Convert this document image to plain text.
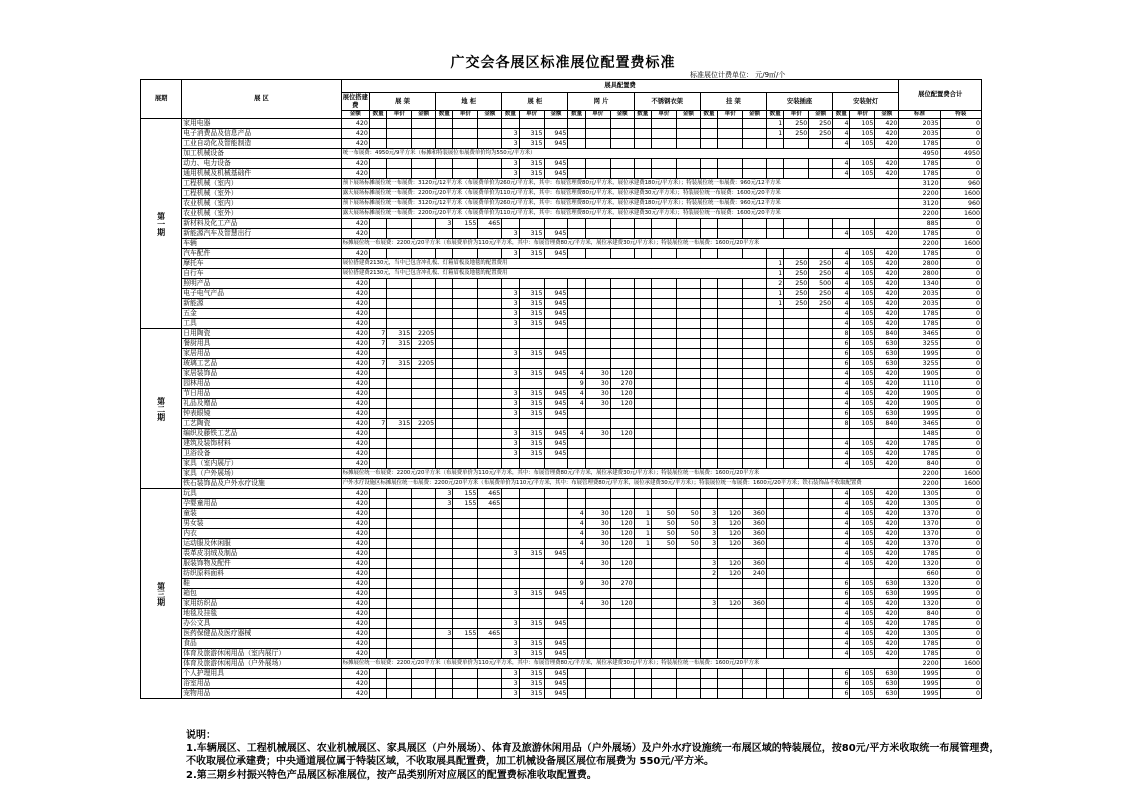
广交会各展区标准展位配置费标准
标准展位计费单位： 元/9㎡/个
展期	展 区	展具配置费																									展位配置费合计	
		展位搭建费	展 架			地 柜			展 柜			网 片			不锈钢衣架			挂 架			安装插座			安装射灯				
		金额	数量	单价	金额	数量	单价	金额	数量	单价	金额	数量	单价	金额	数量	单价	金额	数量	单价	金额	数量	单价	金额	数量	单价	金额	标准	特装
第一期	家用电器	420																			1	250	250	4	105	420	2035	0
	电子消费品及信息产品	420							3	315	945										1	250	250	4	105	420	2035	0
	工业自动化及智能制造	420							3	315	945													4	105	420	1785	0
	加工机械设备	统一布展费：4950元/9平方米（标摊和特装展位布展费单价均为550元/平方米）																									4950	4950
	动力、电力设备	420							3	315	945													4	105	420	1785	0
	通用机械及机械基础件	420							3	315	945													4	105	420	1785	0
	工程机械（室内）	预下展场标摊展位统一布展费：3120元/12平方米（布展费单价为260元/平方米，其中：布展管理费80元/平方米，展位承建费180元/平方米）；特装展位统一布展费：960元/12平方米																									3120	960
	工程机械（室外）	露天展场标摊展位统一布展费：2200元/20平方米（布展费单价为110元/平方米，其中：布展管理费80元/平方米，展位承建费30元/平方米）；特装展位统一布展费：1600元/20平方米																									2200	1600
	农业机械（室内）	预下展场标摊展位统一布展费：3120元/12平方米（布展费单价为260元/平方米，其中：布展管理费80元/平方米，展位承建费180元/平方米）；特装展位统一布展费：960元/12平方米																									3120	960
	农业机械（室外）	露天展场标摊展位统一布展费：2200元/20平方米（布展费单价为110元/平方米，其中：布展管理费80元/平方米，展位承建费30元/平方米）；特装展位统一布展费：1600元/20平方米																									2200	1600
	新材料及化工产品	420				3	155	465																			885	0
	新能源汽车及智慧出行	420							3	315	945													4	105	420	1785	0
	车辆	标摊展位统一布展费：2200元/20平方米（布展费单价为110元/平方米，其中：布展管理费80元/平方米，展位承建费30元/平方米）；特装展位统一布展费：1600元/20平方米																									2200	1600
	汽车配件	420							3	315	945													4	105	420	1785	0
	摩托车	展位搭建费2130元，当中已包含冲孔板、灯箱眉板及地毯的配置费用																			1	250	250	4	105	420	2800	0
	自行车	展位搭建费2130元，当中已包含冲孔板、灯箱眉板及地毯的配置费用																			1	250	250	4	105	420	2800	0
	照明产品	420																			2	250	500	4	105	420	1340	0
	电子电气产品	420							3	315	945										1	250	250	4	105	420	2035	0
	新能源	420							3	315	945										1	250	250	4	105	420	2035	0
	五金	420							3	315	945													4	105	420	1785	0
	工具	420							3	315	945													4	105	420	1785	0
第二期	日用陶瓷	420	7	315	2205																			8	105	840	3465	0
	餐厨用具	420	7	315	2205																			6	105	630	3255	0
	家居用品	420							3	315	945													6	105	630	1995	0
	玻璃工艺品	420	7	315	2205																			6	105	630	3255	0
	家居装饰品	420							3	315	945	4	30	120										4	105	420	1905	0
	园林用品	420										9	30	270										4	105	420	1110	0
	节日用品	420							3	315	945	4	30	120										4	105	420	1905	0
	礼品及赠品	420							3	315	945	4	30	120										4	105	420	1905	0
	钟表眼镜	420							3	315	945													6	105	630	1995	0
	工艺陶瓷	420	7	315	2205																			8	105	840	3465	0
	编织及藤铁工艺品	420							3	315	945	4	30	120													1485	0
	建筑及装饰材料	420							3	315	945													4	105	420	1785	0
	卫浴设备	420							3	315	945													4	105	420	1785	0
	家具（室内展厅）	420																						4	105	420	840	0
	家具（户外展场）	标摊展位统一布展费：2200元/20平方米（布展费单价为110元/平方米，其中：布展管理费80元/平方米，展位承建费30元/平方米）；特装展位统一布展费：1600元/20平方米																									2200	1600
	铁石装饰品及户外水疗设施	户外水疗设施区标摊展位统一布展费：2200元/20平方米（布展费单价为110元/平方米，其中：布展管理费80元/平方米，展位承建费30元/平方米）；特装展位统一布展费：1600元/20平方米；铁石装饰品不收取配置费																									2200	1600
第三期	玩具	420				3	155	465																4	105	420	1305	0
	孕婴童用品	420				3	155	465																4	105	420	1305	0
	童装	420										4	30	120	1	50	50	3	120	360				4	105	420	1370	0
	男女装	420										4	30	120	1	50	50	3	120	360				4	105	420	1370	0
	内衣	420										4	30	120	1	50	50	3	120	360				4	105	420	1370	0
	运动服及休闲服	420										4	30	120	1	50	50	3	120	360				4	105	420	1370	0
	裘革皮羽绒及制品	420							3	315	945													4	105	420	1785	0
	服装饰物及配件	420										4	30	120				3	120	360				4	105	420	1320	0
	纺织原料面料	420																2	120	240							660	0
	鞋	420										9	30	270										6	105	630	1320	0
	箱包	420							3	315	945													6	105	630	1995	0
	家用纺织品	420										4	30	120				3	120	360				4	105	420	1320	0
	地毯及挂毯	420																						4	105	420	840	0
	办公文具	420							3	315	945													4	105	420	1785	0
	医药保健品及医疗器械	420				3	155	465																4	105	420	1305	0
	食品	420							3	315	945													4	105	420	1785	0
	体育及旅游休闲用品（室内展厅）	420							3	315	945													4	105	420	1785	0
	体育及旅游休闲用品（户外展场）	标摊展位统一布展费：2200元/20平方米（布展费单价为110元/平方米，其中：布展管理费80元/平方米，展位承建费30元/平方米）；特装展位统一布展费：1600元/20平方米																									2200	1600
	个人护理用具	420							3	315	945													6	105	630	1995	0
	浴室用品	420							3	315	945													6	105	630	1995	0
	宠物用品	420							3	315	945													6	105	630	1995	0
说明：
1.车辆展区、工程机械展区、农业机械展区、家具展区（户外展场）、体育及旅游休闲用品（户外展场）及户外水疗设施统一布展区域的特装展位，按80元/平方米收取统一布展管理费，不收取展位承建费；中央通道展位属于特装区域，不收取展具配置费，加工机械设备展区展位布展费为 550元/平方米。
2.第三期乡村振兴特色产品展区标准展位，按产品类别所对应展区的配置费标准收取配置费。
